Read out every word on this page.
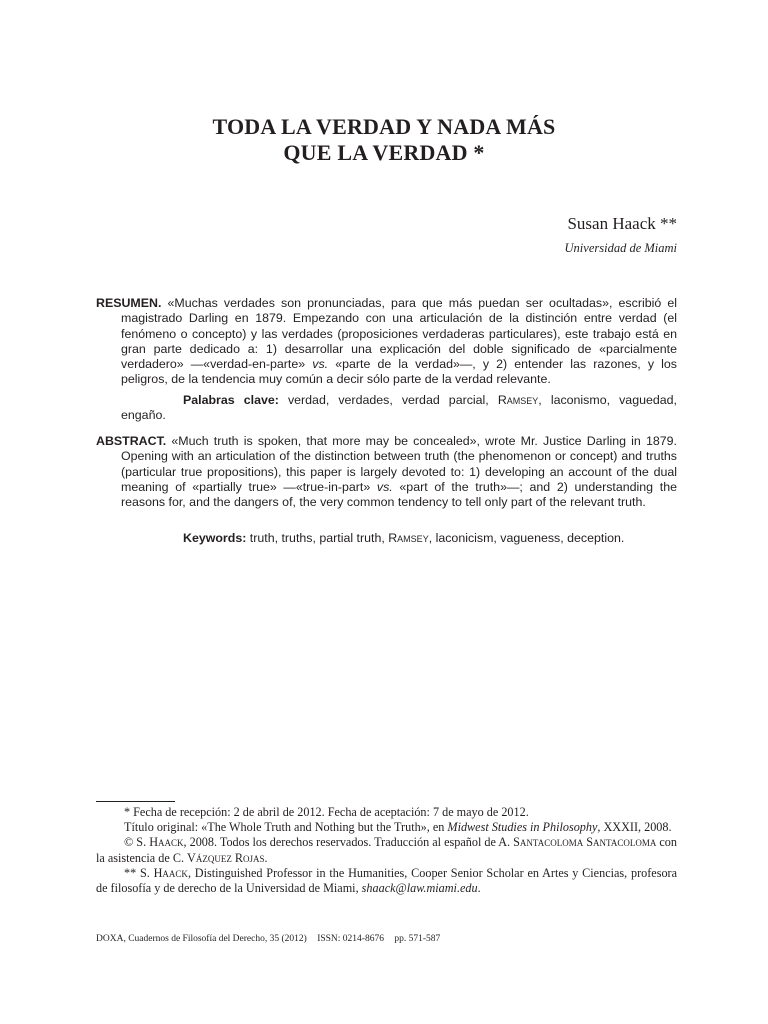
TODA LA VERDAD Y NADA MÁS
QUE LA VERDAD *
Susan Haack **
Universidad de Miami
RESUMEN. «Muchas verdades son pronunciadas, para que más puedan ser ocultadas», escribió el magistrado Darling en 1879. Empezando con una articulación de la distinción entre verdad (el fenómeno o concepto) y las verdades (proposiciones verdaderas particulares), este trabajo está en gran parte dedicado a: 1) desarrollar una explicación del doble significado de «parcialmente verdadero» —«verdad-en-parte» vs. «parte de la verdad»—, y 2) entender las razones, y los peligros, de la tendencia muy común a decir sólo parte de la verdad relevante.
Palabras clave: verdad, verdades, verdad parcial, Ramsey, laconismo, vaguedad, engaño.
ABSTRACT. «Much truth is spoken, that more may be concealed», wrote Mr. Justice Darling in 1879. Opening with an articulation of the distinction between truth (the phenomenon or concept) and truths (particular true propositions), this paper is largely devoted to: 1) developing an account of the dual meaning of «partially true» —«true-in-part» vs. «part of the truth»—; and 2) understanding the reasons for, and the dangers of, the very common tendency to tell only part of the relevant truth.
Keywords: truth, truths, partial truth, Ramsey, laconicism, vagueness, deception.

* Fecha de recepción: 2 de abril de 2012. Fecha de aceptación: 7 de mayo de 2012.

Título original: «The Whole Truth and Nothing but the Truth», en Midwest Studies in Philosophy, XXXII, 2008.

© S. Haack, 2008. Todos los derechos reservados. Traducción al español de A. Santacoloma Santacoloma con la asistencia de C. Vázquez Rojas.

** S. Haack, Distinguished Professor in the Humanities, Cooper Senior Scholar en Artes y Ciencias, profesora de filosofía y de derecho de la Universidad de Miami, shaack@law.miami.edu.

DOXA, Cuadernos de Filosofía del Derecho, 35 (2012) ISSN: 0214-8676 pp. 571-587
